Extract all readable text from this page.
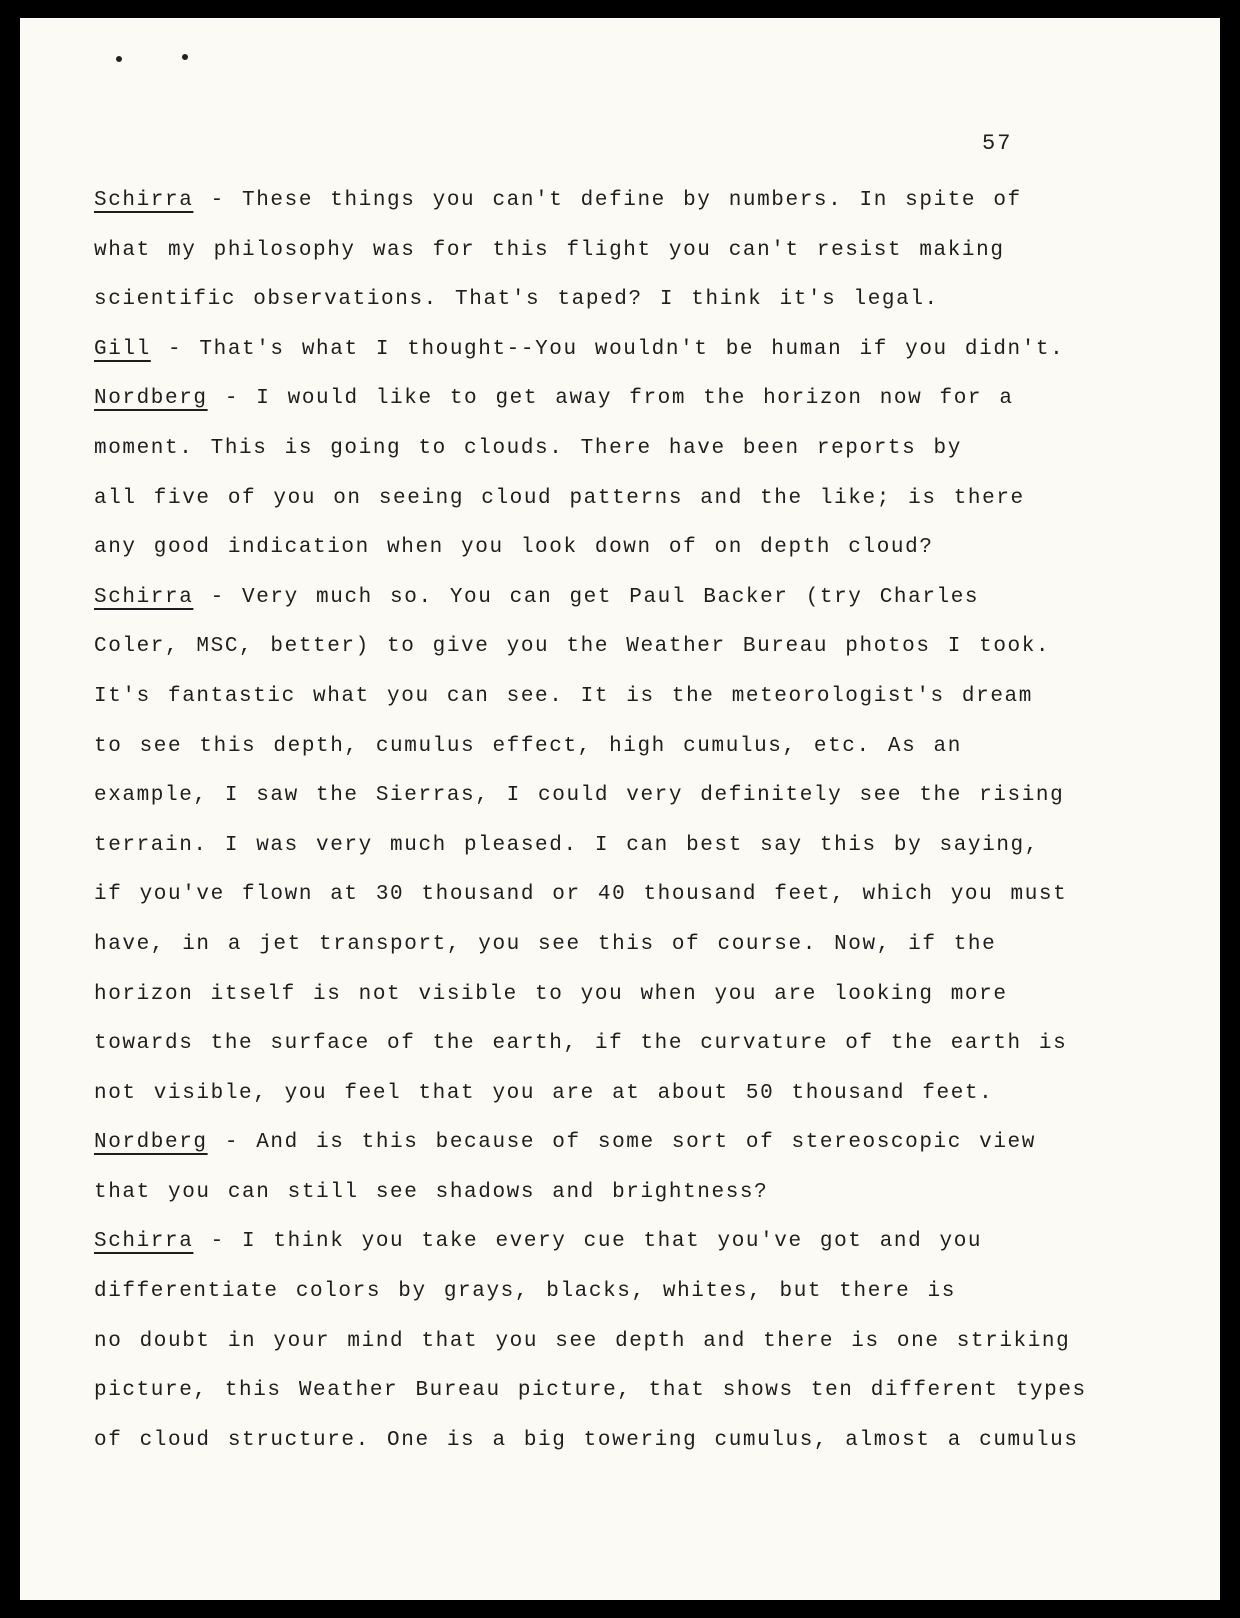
57
Schirra - These things you can't define by numbers. In spite of
what my philosophy was for this flight you can't resist making
scientific observations. That's taped? I think it's legal.
Gill - That's what I thought--You wouldn't be human if you didn't.
Nordberg - I would like to get away from the horizon now for a
moment. This is going to clouds. There have been reports by
all five of you on seeing cloud patterns and the like; is there
any good indication when you look down of on depth cloud?
Schirra - Very much so. You can get Paul Backer (try Charles
Coler, MSC, better) to give you the Weather Bureau photos I took.
It's fantastic what you can see. It is the meteorologist's dream
to see this depth, cumulus effect, high cumulus, etc. As an
example, I saw the Sierras, I could very definitely see the rising
terrain. I was very much pleased. I can best say this by saying,
if you've flown at 30 thousand or 40 thousand feet, which you must
have, in a jet transport, you see this of course. Now, if the
horizon itself is not visible to you when you are looking more
towards the surface of the earth, if the curvature of the earth is
not visible, you feel that you are at about 50 thousand feet.
Nordberg - And is this because of some sort of stereoscopic view
that you can still see shadows and brightness?
Schirra - I think you take every cue that you've got and you
differentiate colors by grays, blacks, whites, but there is
no doubt in your mind that you see depth and there is one striking
picture, this Weather Bureau picture, that shows ten different types
of cloud structure. One is a big towering cumulus, almost a cumulus
